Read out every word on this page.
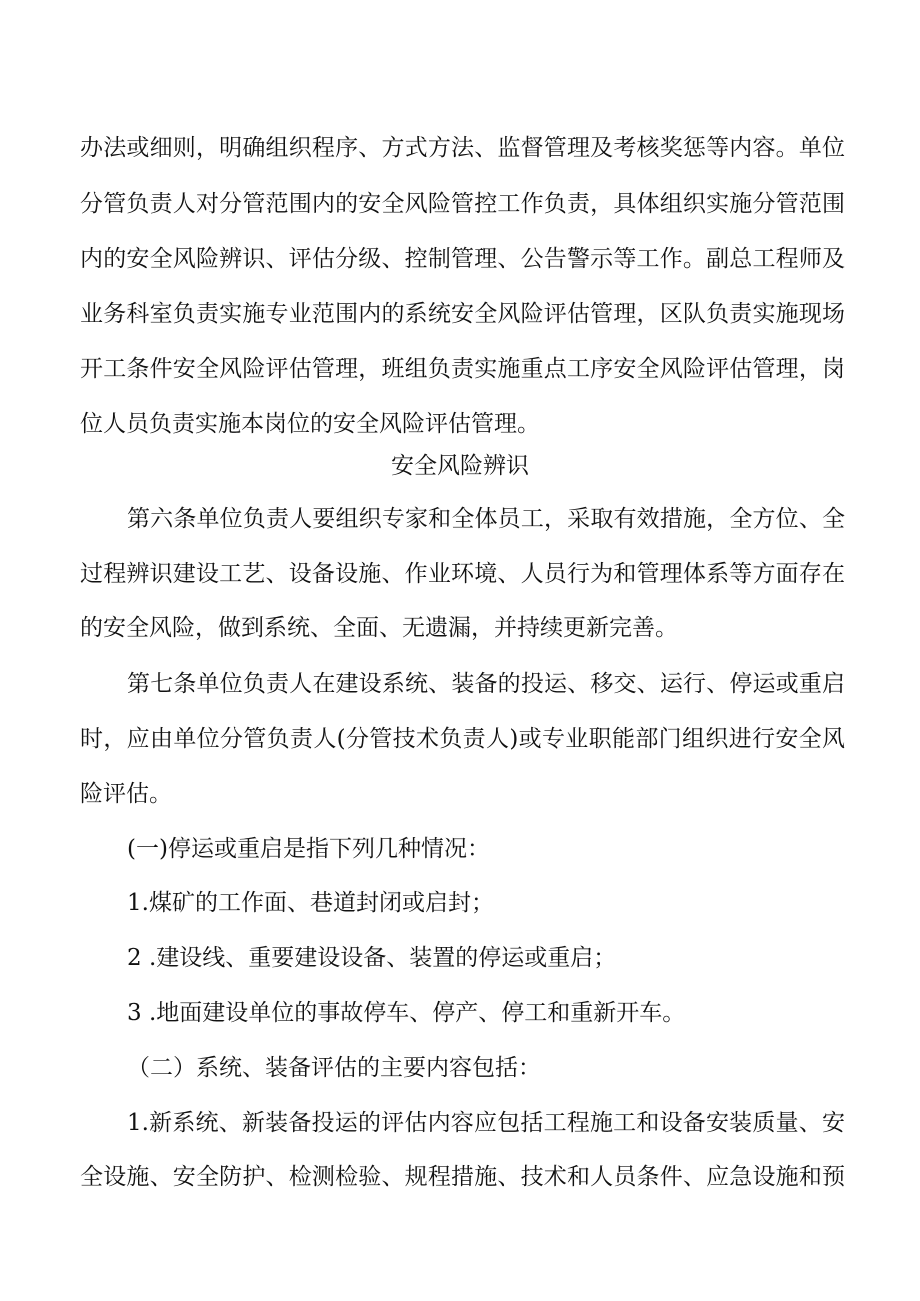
办法或细则，明确组织程序、方式方法、监督管理及考核奖惩等内容。单位
分管负责人对分管范围内的安全风险管控工作负责，具体组织实施分管范围
内的安全风险辨识、评估分级、控制管理、公告警示等工作。副总工程师及
业务科室负责实施专业范围内的系统安全风险评估管理，区队负责实施现场
开工条件安全风险评估管理，班组负责实施重点工序安全风险评估管理，岗
位人员负责实施本岗位的安全风险评估管理。
安全风险辨识
第六条单位负责人要组织专家和全体员工，采取有效措施，全方位、全
过程辨识建设工艺、设备设施、作业环境、人员行为和管理体系等方面存在
的安全风险，做到系统、全面、无遗漏，并持续更新完善。
第七条单位负责人在建设系统、装备的投运、移交、运行、停运或重启
时，应由单位分管负责人(分管技术负责人)或专业职能部门组织进行安全风
险评估。
(一)停运或重启是指下列几种情况：
1.煤矿的工作面、巷道封闭或启封；
2 .建设线、重要建设设备、装置的停运或重启；
3 .地面建设单位的事故停车、停产、停工和重新开车。
（二）系统、装备评估的主要内容包括：
1.新系统、新装备投运的评估内容应包括工程施工和设备安装质量、安
全设施、安全防护、检测检验、规程措施、技术和人员条件、应急设施和预
